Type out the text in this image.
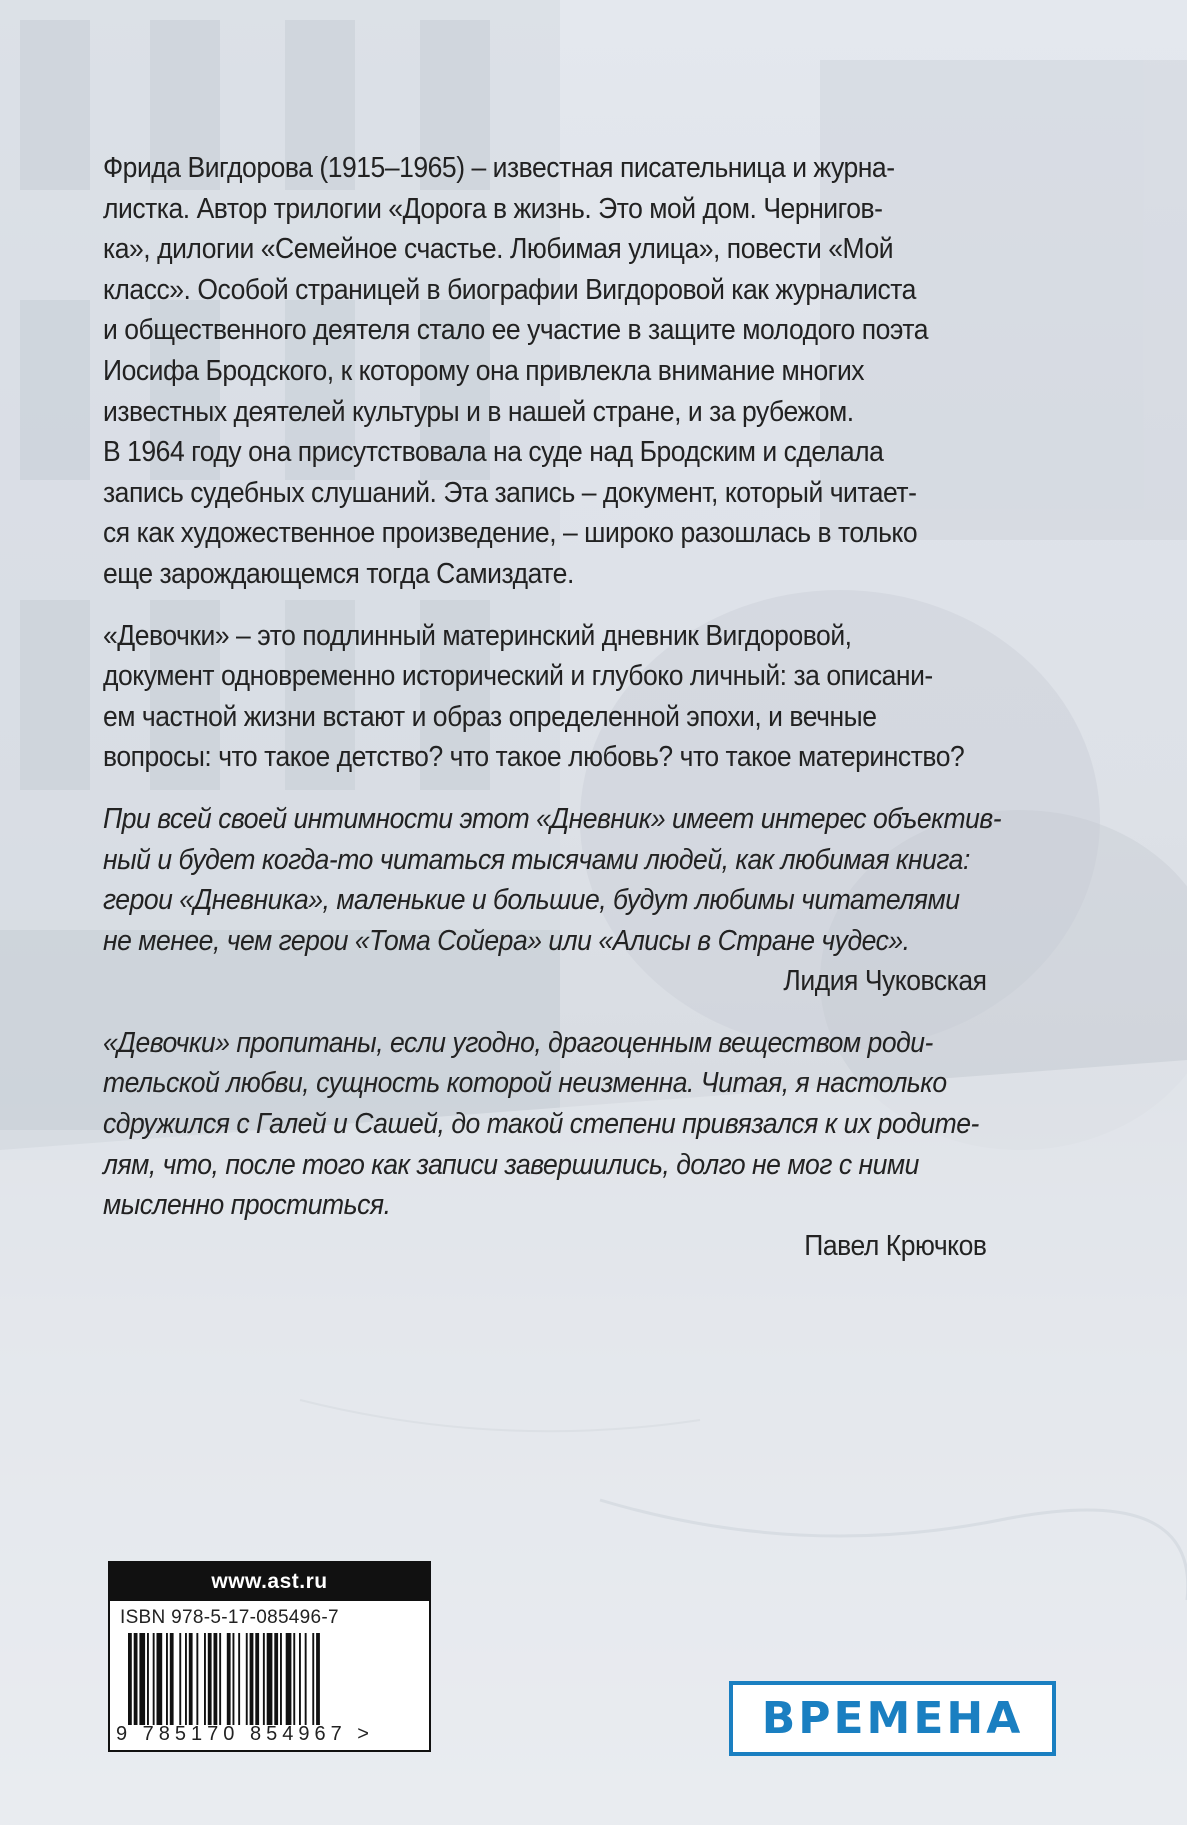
Фрида Вигдорова (1915–1965) – известная писательница и журна-
листка. Автор трилогии «Дорога в жизнь. Это мой дом. Чернигов-
ка», дилогии «Семейное счастье. Любимая улица», повести «Мой
класс». Особой страницей в биографии Вигдоровой как журналиста
и общественного деятеля стало ее участие в защите молодого поэта
Иосифа Бродского, к которому она привлекла внимание многих
известных деятелей культуры и в нашей стране, и за рубежом.
В 1964 году она присутствовала на суде над Бродским и сделала
запись судебных слушаний. Эта запись – документ, который читает-
ся как художественное произведение, – широко разошлась в только
еще зарождающемся тогда Самиздате.
«Девочки» – это подлинный материнский дневник Вигдоровой,
документ одновременно исторический и глубоко личный: за описани-
ем частной жизни встают и образ определенной эпохи, и вечные
вопросы: что такое детство? что такое любовь? что такое материнство?
При всей своей интимности этот «Дневник» имеет интерес объектив-
ный и будет когда-то читаться тысячами людей, как любимая книга:
герои «Дневника», маленькие и большие, будут любимы читателями
не менее, чем герои «Тома Сойера» или «Алисы в Стране чудес».
Лидия Чуковская
«Девочки» пропитаны, если угодно, драгоценным веществом роди-
тельской любви, сущность которой неизменна. Читая, я настолько
сдружился с Галей и Сашей, до такой степени привязался к их родите-
лям, что, после того как записи завершились, долго не мог с ними
мысленно проститься.
Павел Крючков
www.ast.ru
ISBN 978-5-17-085496-7
9 785170 854967 >	ВРЕМЕНА
